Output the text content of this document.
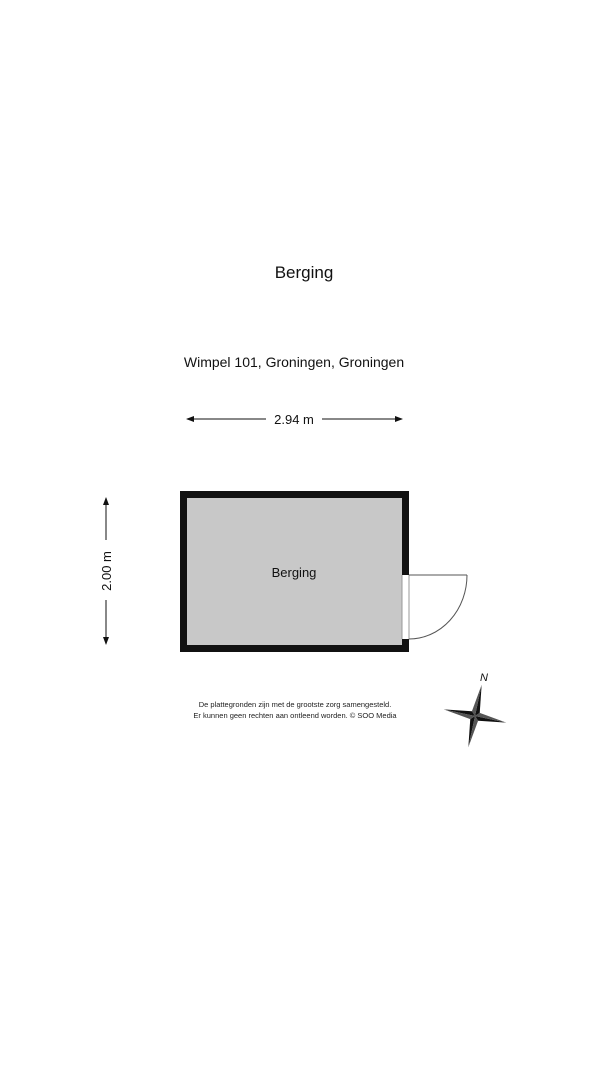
Berging
Wimpel 101, Groningen, Groningen
2.94 m
2.00 m	Berging
N
De plattegronden zijn met de grootste zorg samengesteld.
Er kunnen geen rechten aan ontleend worden. © SOO Media
